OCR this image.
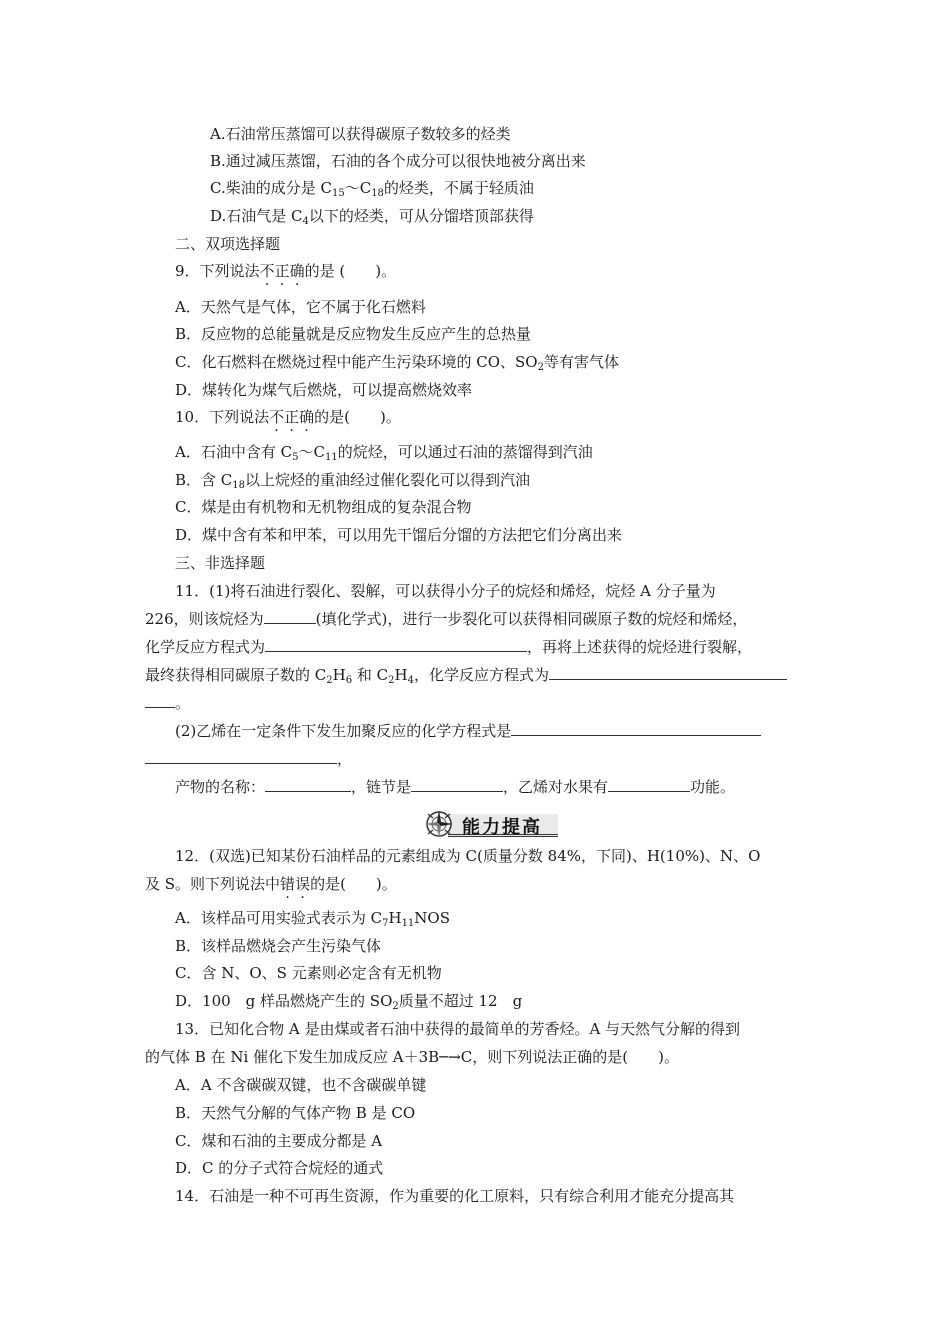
A.石油常压蒸馏可以获得碳原子数较多的烃类
B.通过减压蒸馏，石油的各个成分可以很快地被分离出来
C.柴油的成分是 $C_{15}\sim C_{18}$的烃类，不属于轻质油
D.石油气是 $C_4$以下的烃类，可从分馏塔顶部获得
二、双项选择题
9．下列说法不正确的是 (　　)。
A．天然气是气体，它不属于化石燃料
B．反应物的总能量就是反应物发生反应产生的总热量
C．化石燃料在燃烧过程中能产生污染环境的 CO、$SO_2$等有害气体
D．煤转化为煤气后燃烧，可以提高燃烧效率
10．下列说法不正确的是(　　)。
A．石油中含有 $C_5\sim C_{11}$的烷烃，可以通过石油的蒸馏得到汽油
B．含 $C_{18}$以上烷烃的重油经过催化裂化可以得到汽油
C．煤是由有机物和无机物组成的复杂混合物
D．煤中含有苯和甲苯，可以用先干馏后分馏的方法把它们分离出来
三、非选择题
11．(1)将石油进行裂化、裂解，可以获得小分子的烷烃和烯烃，烷烃 A 分子量为
226，则该烷烃为	(填化学式)，进行一步裂化可以获得相同碳原子数的烷烃和烯烃，
化学反应方程式为	，再将上述获得的烷烃进行裂解，
最终获得相同碳原子数的 $C_2H_6$ 和 $C_2H_4$，化学反应方程式为
。
(2)乙烯在一定条件下发生加聚反应的化学方程式是
，
产物的名称：	，链节是	，乙烯对水果有	功能。
能力提高
12．(双选)已知某份石油样品的元素组成为 C(质量分数 84%，下同)、H(10%)、N、O
及 S。则下列说法中错误的是(　　)。
A．该样品可用实验式表示为 $C_7H_{11}NOS$
B．该样品燃烧会产生污染气体
C．含 N、O、S 元素则必定含有无机物
D．100　g 样品燃烧产生的 $SO_2$质量不超过 12　g
13．已知化合物 A 是由煤或者石油中获得的最简单的芳香烃。A 与天然气分解的得到
的气体 B 在 Ni 催化下发生加成反应 A＋3B─→C，则下列说法正确的是(　　)。
A．A 不含碳碳双键，也不含碳碳单键
B．天然气分解的气体产物 B 是 CO
C．煤和石油的主要成分都是 A
D．C 的分子式符合烷烃的通式
14．石油是一种不可再生资源，作为重要的化工原料，只有综合利用才能充分提高其
